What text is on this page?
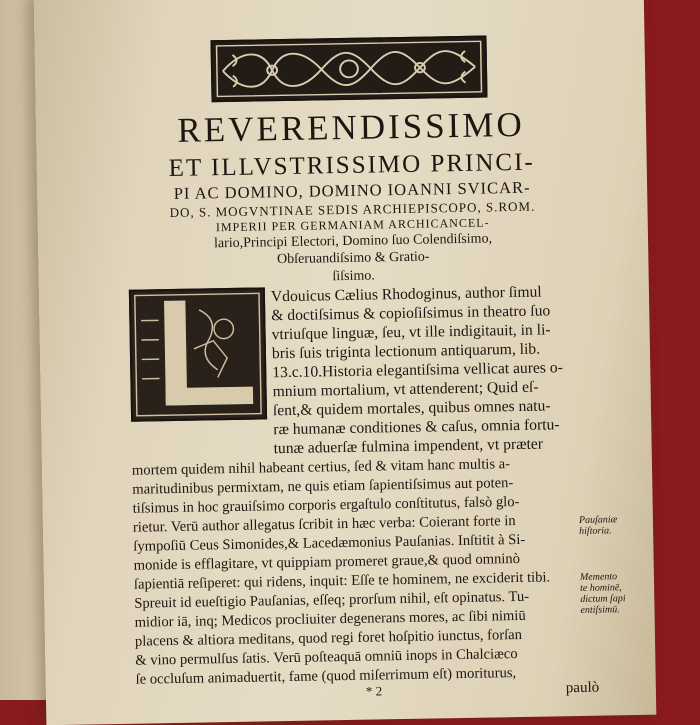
REVERENDISSIMO
ET ILLVSTRISSIMO PRINCI-
PI AC DOMINO, DOMINO IOANNI SVICAR-
DO, S. MOGVNTINAE SEDIS ARCHIEPISCOPO, S.ROM.
IMPERII PER GERMANIAM ARCHICANCEL-
lario,Principi Electori, Domino ſuo Colendiſsimo,
Obſeruandiſsimo & Gratio-
ſiſsimo.
Vdouicus Cælius Rhodoginus, author ſimul
& doctiſsimus & copioſiſsimus in theatro ſuo
vtriuſque linguæ, ſeu, vt ille indigitauit, in li-
bris ſuis triginta lectionum antiquarum, lib.
13.c.10.Historia elegantiſsima vellicat aures o-
mnium mortalium, vt attenderent; Quid eſ-
ſent,& quidem mortales, quibus omnes natu-
ræ humanæ conditiones & caſus, omnia fortu-
tunæ aduerſæ fulmina impendent, vt præter
mortem quidem nihil habeant certius, ſed & vitam hanc multis a-
maritudinibus permixtam, ne quis etiam ſapientiſsimus aut poten-
tiſsimus in hoc grauiſsimo corporis ergaſtulo conſtitutus, falsò glo-
rietur. Verū author allegatus ſcribit in hæc verba: Coierant forte in
ſympoſiū Ceus Simonides,& Lacedæmonius Pauſanias. Inſtitit à Si-
monide is efflagitare, vt quippiam promeret graue,& quod omninò
ſapientiā reſiperet: qui ridens, inquit: Eſſe te hominem, ne exciderit tibi.
Spreuit id eueſtigio Pauſanias, eſſeq; prorſum nihil, eſt opinatus. Tu-
midior iā, inq; Medicos procliuiter degenerans mores, ac ſibi nimiū
placens & altiora meditans, quod regi foret hoſpitio iunctus, forſan
& vino permulſus ſatis. Verū poſteaquā omniū inops in Chalciæco
ſe occluſum animaduertit, fame (quod miſerrimum eſt) moriturus,
Pauſaniæ
hiſtoria.
Memento
te hominē,
dictum ſapi
entiſsimū.
* 2	paulò
